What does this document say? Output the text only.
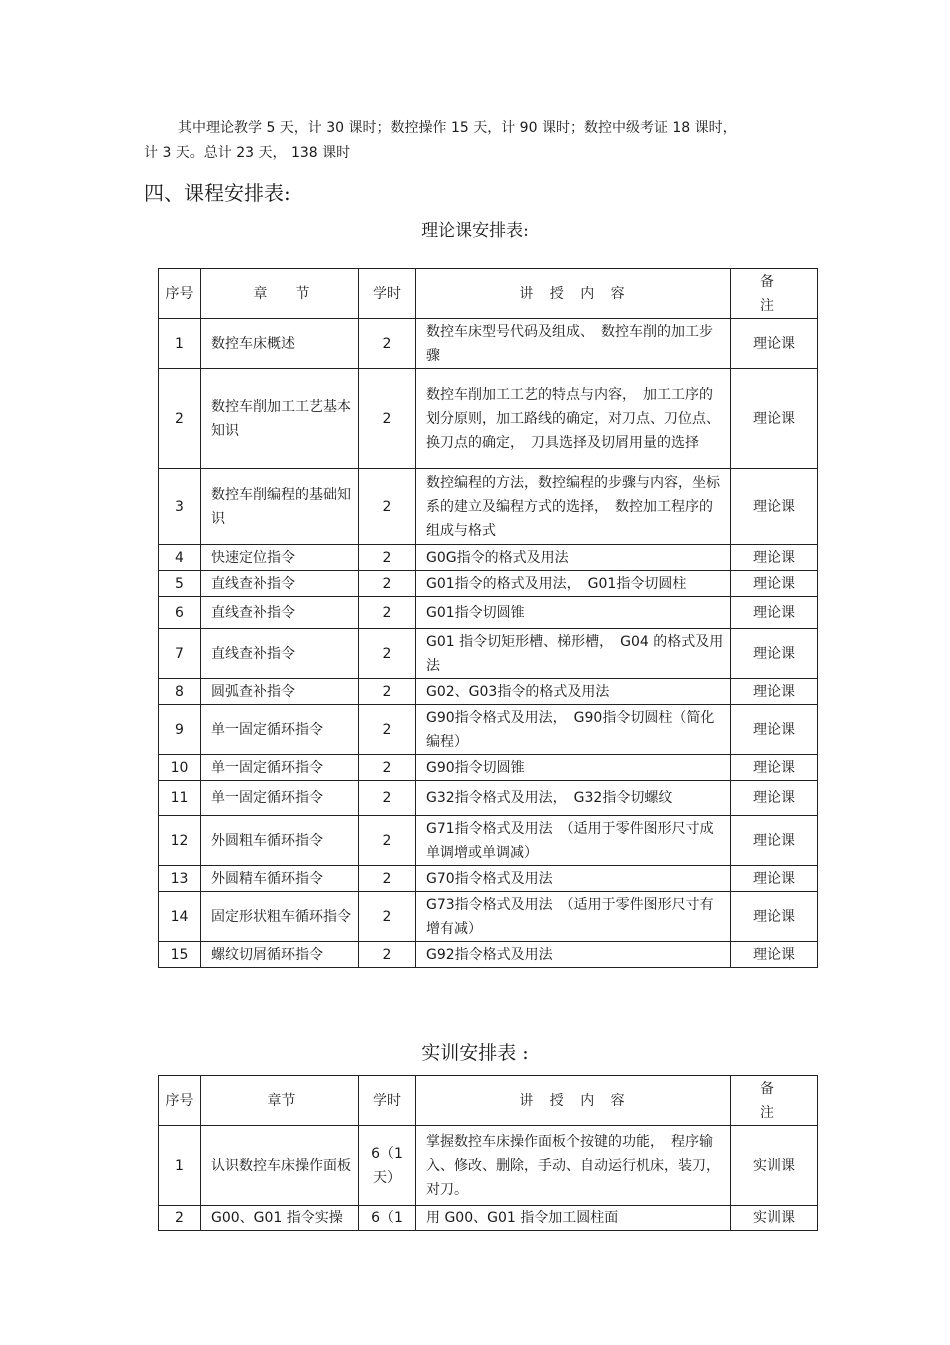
其中理论教学 5 天，计 30 课时；数控操作 15 天，计 90 课时；数控中级考证 18 课时，
计 3 天。总计 23 天， 138 课时
四、课程安排表:
理论课安排表:
序号	章　　节	学时	讲 授 内 容	备 注
1	数控车床概述	2	数控车床型号代码及组成、　数控车削的加工步骤	理论课
2	数控车削加工工艺基本知识	2	数控车削加工工艺的特点与内容，　加工工序的划分原则，加工路线的确定，对刀点、刀位点、换刀点的确定，　刀具选择及切屑用量的选择	理论课
3	数控车削编程的基础知识	2	数控编程的方法，数控编程的步骤与内容，坐标系的建立及编程方式的选择，　数控加工程序的组成与格式	理论课
4	快速定位指令	2	G0G指令的格式及用法	理论课
5	直线查补指令	2	G01指令的格式及用法，　G01指令切圆柱	理论课
6	直线查补指令	2	G01指令切圆锥	理论课
7	直线查补指令	2	G01 指令切矩形槽、梯形槽，　G04 的格式及用法	理论课
8	圆弧查补指令	2	G02、G03指令的格式及用法	理论课
9	单一固定循环指令	2	G90指令格式及用法，　G90指令切圆柱（简化编程）	理论课
10	单一固定循环指令	2	G90指令切圆锥	理论课
11	单一固定循环指令	2	G32指令格式及用法，　G32指令切螺纹	理论课
12	外圆粗车循环指令	2	G71指令格式及用法　（适用于零件图形尺寸成单调增或单调减）	理论课
13	外圆精车循环指令	2	G70指令格式及用法	理论课
14	固定形状粗车循环指令	2	G73指令格式及用法　（适用于零件图形尺寸有增有减）	理论课
15	螺纹切屑循环指令	2	G92指令格式及用法	理论课
实训安排表 :
序号	章节	学时	讲 授 内 容	备 注
1	认识数控车床操作面板	6（1天）	掌握数控车床操作面板个按键的功能，　程序输入、修改、删除，手动、自动运行机床，装刀，对刀。	实训课
2	G00、G01 指令实操	6（1	用 G00、G01 指令加工圆柱面	实训课
